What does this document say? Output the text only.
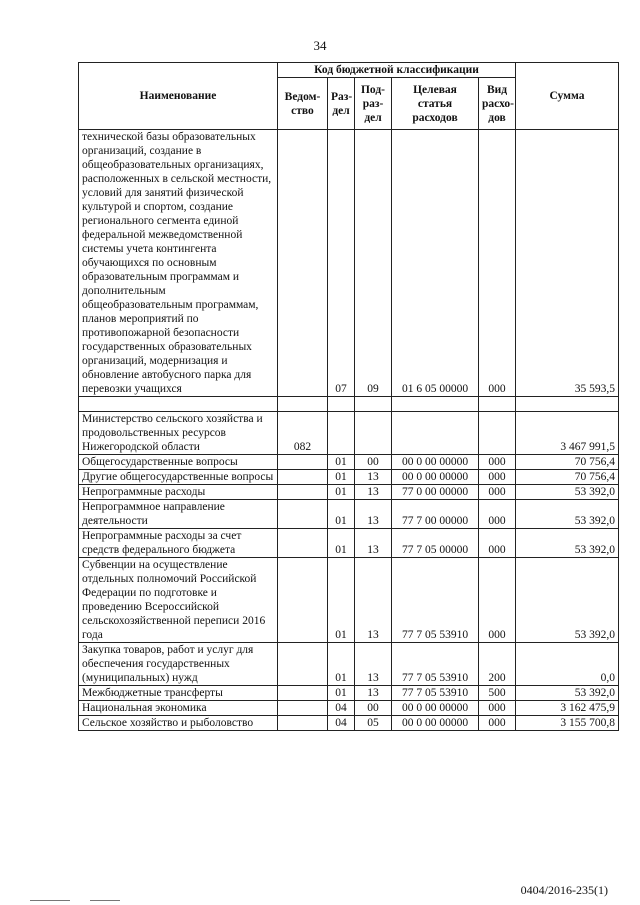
34
Наименование	Код бюджетной классификации					Сумма
	Ведом-ство	Раз-дел	Под-раз-дел	Целевая статья расходов	Вид расхо-дов	
технической базы образовательных организаций, создание в общеобразовательных организациях, расположенных в сельской местности, условий для занятий физической культурой и спортом, создание регионального сегмента единой федеральной межведомственной системы учета контингента обучающихся по основным образовательным программам и дополнительным общеобразовательным программам, планов мероприятий по противопожарной безопасности государственных образовательных организаций, модернизация и обновление автобусного парка для перевозки учащихся		07	09	01 6 05 00000	000	35 593,5

Министерство сельского хозяйства и продовольственных ресурсов Нижегородской области	082					3 467 991,5
Общегосударственные вопросы		01	00	00 0 00 00000	000	70 756,4
Другие общегосударственные вопросы		01	13	00 0 00 00000	000	70 756,4
Непрограммные расходы		01	13	77 0 00 00000	000	53 392,0
Непрограммное направление деятельности		01	13	77 7 00 00000	000	53 392,0
Непрограммные расходы за счет средств федерального бюджета		01	13	77 7 05 00000	000	53 392,0
Субвенции на осуществление отдельных полномочий Российской Федерации по подготовке и проведению Всероссийской сельскохозяйственной переписи 2016 года		01	13	77 7 05 53910	000	53 392,0
Закупка товаров, работ и услуг для обеспечения государственных (муниципальных) нужд		01	13	77 7 05 53910	200	0,0
Межбюджетные трансферты		01	13	77 7 05 53910	500	53 392,0
Национальная экономика		04	00	00 0 00 00000	000	3 162 475,9
Сельское хозяйство и рыболовство		04	05	00 0 00 00000	000	3 155 700,8
0404/2016-235(1)
